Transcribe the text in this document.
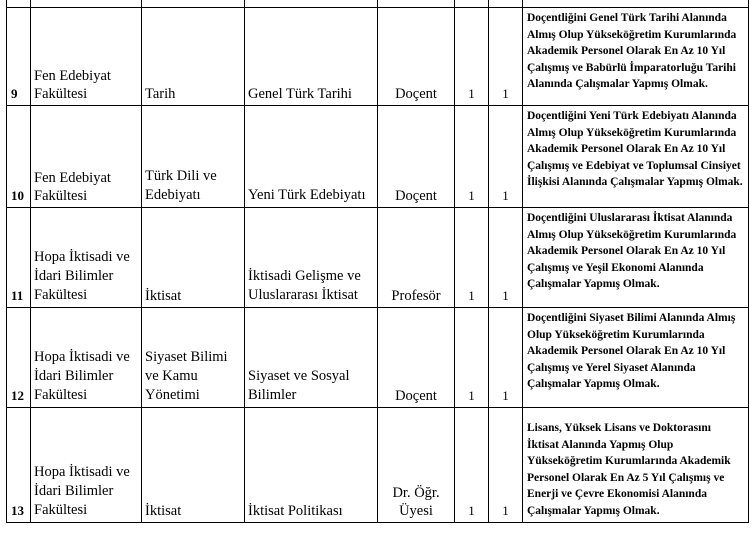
9	Fen Edebiyat Fakültesi	Tarih	Genel Türk Tarihi	Doçent	1	1	Doçentliğini Genel Türk Tarihi Alanında Almış Olup Yükseköğretim Kurumlarında Akademik Personel Olarak En Az 10 Yıl Çalışmış ve Babürlü İmparatorluğu Tarihi Alanında Çalışmalar Yapmış Olmak.
10	Fen Edebiyat Fakültesi	Türk Dili ve Edebiyatı	Yeni Türk Edebiyatı	Doçent	1	1	Doçentliğini Yeni Türk Edebiyatı Alanında Almış Olup Yükseköğretim Kurumlarında Akademik Personel Olarak En Az 10 Yıl Çalışmış ve Edebiyat ve Toplumsal Cinsiyet İlişkisi Alanında Çalışmalar Yapmış Olmak.
11	Hopa İktisadi ve İdari Bilimler Fakültesi	İktisat	İktisadi Gelişme ve Uluslararası İktisat	Profesör	1	1	Doçentliğini Uluslararası İktisat Alanında Almış Olup Yükseköğretim Kurumlarında Akademik Personel Olarak En Az 10 Yıl Çalışmış ve Yeşil Ekonomi Alanında Çalışmalar Yapmış Olmak.
12	Hopa İktisadi ve İdari Bilimler Fakültesi	Siyaset Bilimi ve Kamu Yönetimi	Siyaset ve Sosyal Bilimler	Doçent	1	1	Doçentliğini Siyaset Bilimi Alanında Almış Olup Yükseköğretim Kurumlarında Akademik Personel Olarak En Az 10 Yıl Çalışmış ve Yerel Siyaset Alanında Çalışmalar Yapmış Olmak.
13	Hopa İktisadi ve İdari Bilimler Fakültesi	İktisat	İktisat Politikası	Dr. Öğr. Üyesi	1	1	Lisans, Yüksek Lisans ve Doktorasını İktisat Alanında Yapmış Olup Yükseköğretim Kurumlarında Akademik Personel Olarak En Az 5 Yıl Çalışmış ve Enerji ve Çevre Ekonomisi Alanında Çalışmalar Yapmış Olmak.
